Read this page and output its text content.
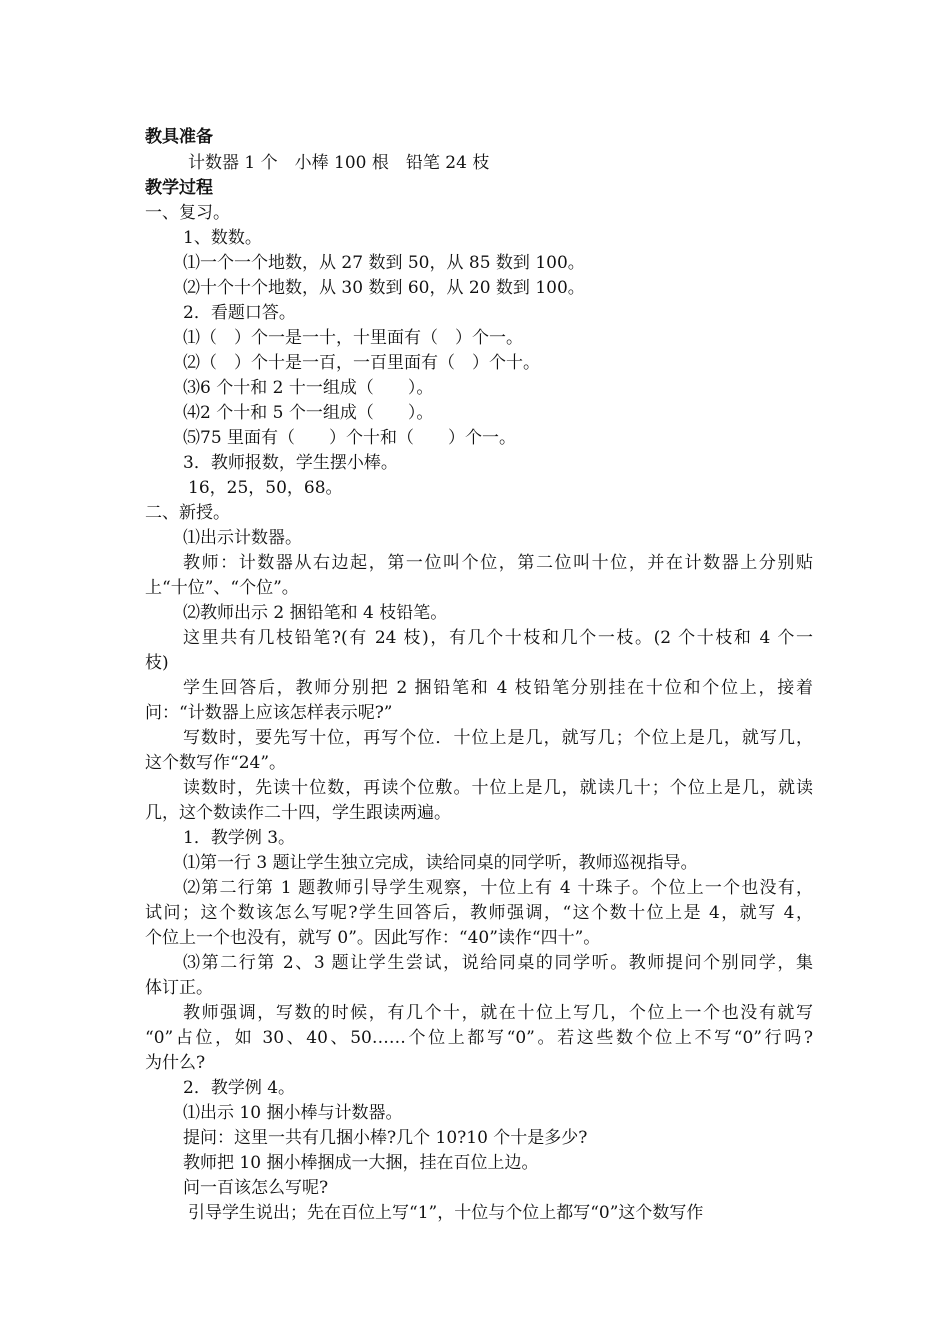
教具准备
计数器 1 个　小棒 100 根　铅笔 24 枝
教学过程
一、复习。
1、数数。
⑴一个一个地数，从 27 数到 50，从 85 数到 100。
⑵十个十个地数，从 30 数到 60，从 20 数到 100。
2．看题口答。
⑴（　）个一是一十，十里面有（　）个一。
⑵（　）个十是一百，一百里面有（　）个十。
⑶6 个十和 2 十一组成（　　）。
⑷2 个十和 5 个一组成（　　）。
⑸75 里面有（　　）个十和（　　）个一。
3．教师报数，学生摆小棒。
16，25，50，68。
二、新授。
⑴出示计数器。
教师：计数器从右边起，第一位叫个位，第二位叫十位，并在计数器上分别贴
上“十位”、“个位”。
⑵教师出示 2 捆铅笔和 4 枝铅笔。
这里共有几枝铅笔?(有 24 枝)，有几个十枝和几个一枝。(2 个十枝和 4 个一
枝)
学生回答后，教师分别把 2 捆铅笔和 4 枝铅笔分别挂在十位和个位上，接着
问：“计数器上应该怎样表示呢?”
写数时，要先写十位，再写个位．十位上是几，就写几；个位上是几，就写几，
这个数写作“24”。
读数时，先读十位数，再读个位敷。十位上是几，就读几十；个位上是几，就读
几，这个数读作二十四，学生跟读两遍。
1．教学例 3。
⑴第一行 3 题让学生独立完成，读给同桌的同学听，教师巡视指导。
⑵第二行第 1 题教师引导学生观察，十位上有 4 十珠子。个位上一个也没有，
试问；这个数该怎么写呢?学生回答后，教师强调，“这个数十位上是 4，就写 4，
个位上一个也没有，就写 0”。因此写作：“40”读作“四十”。
⑶第二行第 2、3 题让学生尝试，说给同桌的同学听。教师提问个别同学，集
体订正。
教师强调，写数的时候，有几个十，就在十位上写几，个位上一个也没有就写
“0”占位，如 30、40、50……个位上都写“0”。若这些数个位上不写“0”行吗?
为什么?
2．教学例 4。
⑴出示 10 捆小棒与计数器。
提问：这里一共有几捆小棒?几个 10?10 个十是多少?
教师把 10 捆小棒捆成一大捆，挂在百位上边。
问一百该怎么写呢?
引导学生说出；先在百位上写“1”，十位与个位上都写“0”这个数写作
